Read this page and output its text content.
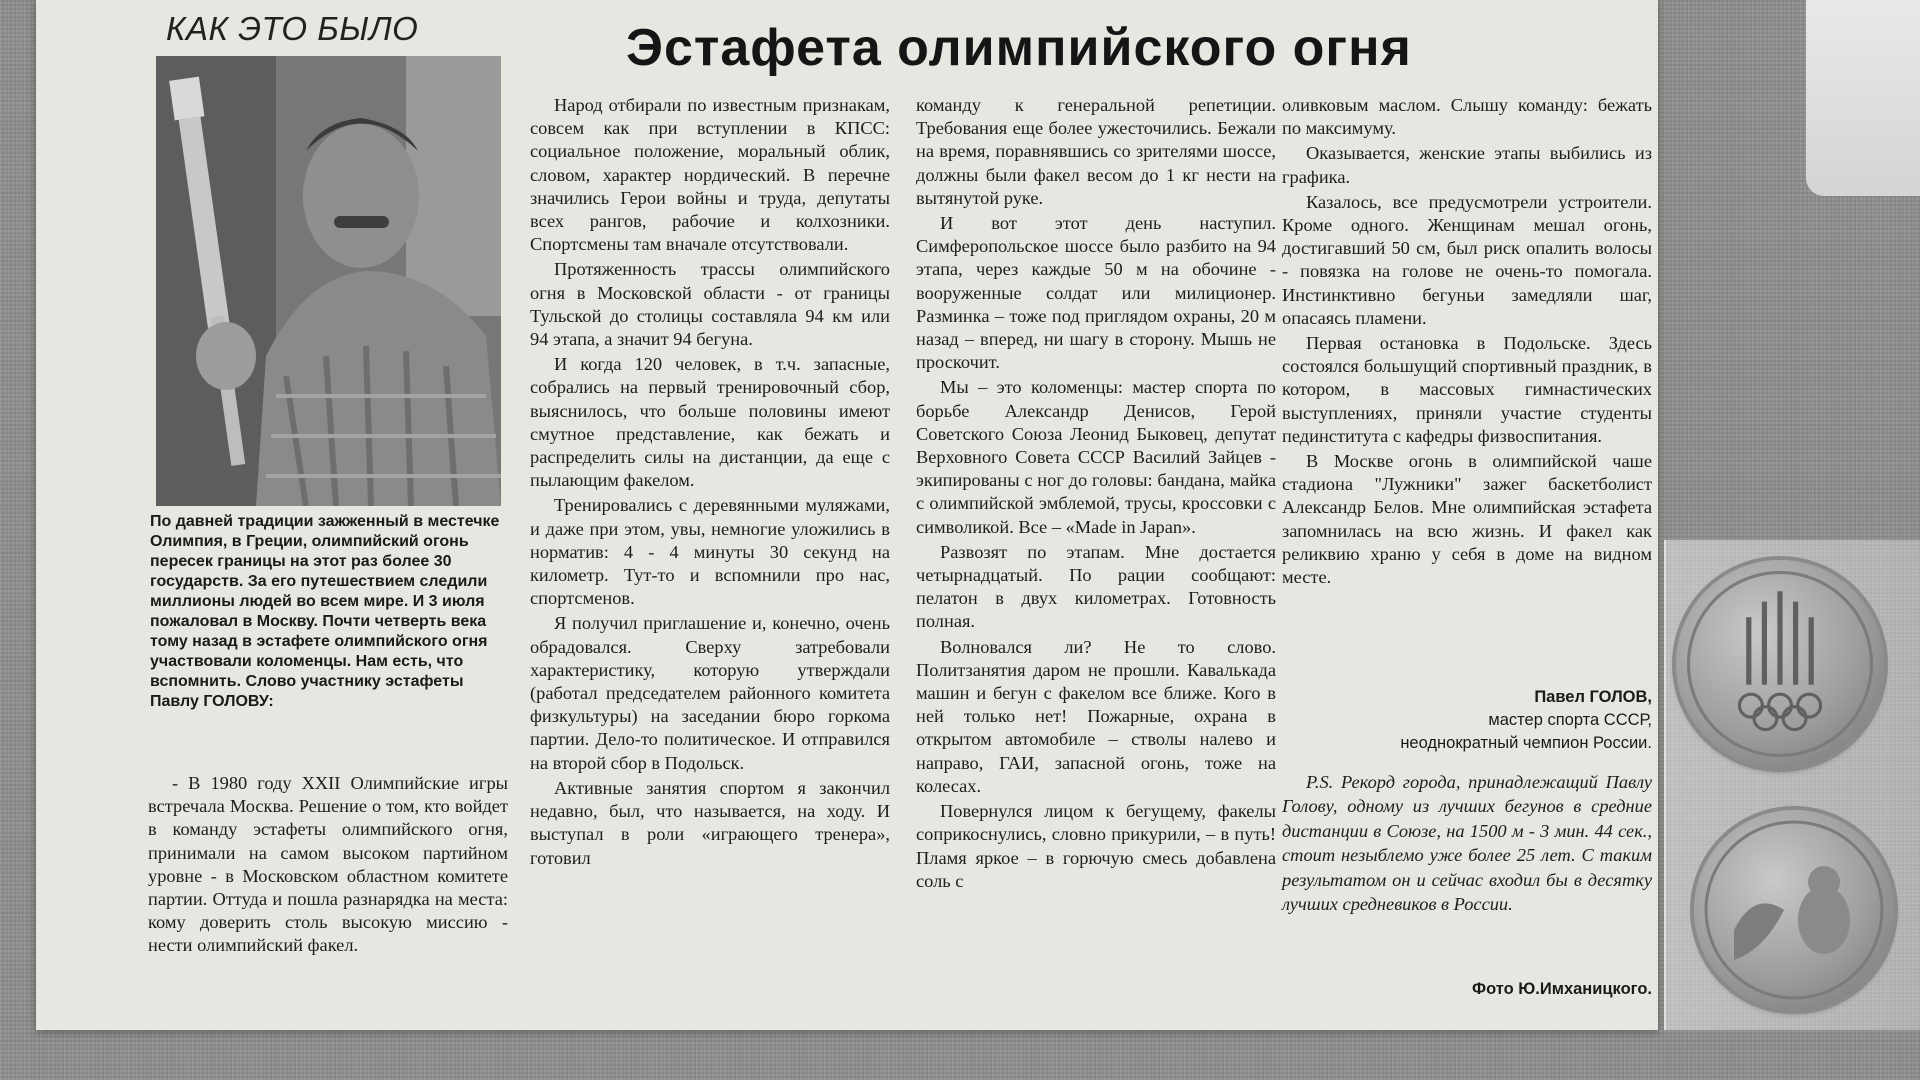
КАК ЭТО БЫЛО	Эстафета олимпийского огня
По давней традиции зажженный в местечке Олимпия, в Греции, олимпийский огонь пересек границы на этот раз более 30 государств. За его путешествием следили миллионы людей во всем мире. И 3 июля пожаловал в Москву. Почти четверть века тому назад в эстафете олимпийского огня участвовали коломенцы. Нам есть, что вспомнить. Слово участнику эстафеты Павлу ГОЛОВУ:

- В 1980 году XXII Олимпийские игры встречала Москва. Решение о том, кто войдет в команду эстафеты олимпийского огня, принимали на самом высоком партийном уровне - в Московском областном комитете партии. Оттуда и пошла разнарядка на места: кому доверить столь высокую миссию - нести олимпийский факел.

Народ отбирали по известным признакам, совсем как при вступлении в КПСС: социальное положение, моральный облик, словом, характер нордический. В перечне значились Герои войны и труда, депутаты всех рангов, рабочие и колхозники. Спортсмены там вначале отсутствовали.

Протяженность трассы олимпийского огня в Московской области - от границы Тульской до столицы составляла 94 км или 94 этапа, а значит 94 бегуна.

И когда 120 человек, в т.ч. запасные, собрались на первый тренировочный сбор, выяснилось, что больше половины имеют смутное представление, как бежать и распределить силы на дистанции, да еще с пылающим факелом.

Тренировались с деревянными муляжами, и даже при этом, увы, немногие уложились в норматив: 4 - 4 минуты 30 секунд на километр. Тут-то и вспомнили про нас, спортсменов.

Я получил приглашение и, конечно, очень обрадовался. Сверху затребовали характеристику, которую утверждали (работал председателем районного комитета физкультуры) на заседании бюро горкома партии. Дело-то политическое. И отправился на второй сбор в Подольск.

Активные занятия спортом я закончил недавно, был, что называется, на ходу. И выступал в роли «играющего тренера», готовил

команду к генеральной репетиции. Требования еще более ужесточились. Бежали на время, поравнявшись со зрителями шоссе, должны были факел весом до 1 кг нести на вытянутой руке.

И вот этот день наступил. Симферопольское шоссе было разбито на 94 этапа, через каждые 50 м на обочине - вооруженные солдат или милиционер. Разминка – тоже под приглядом охраны, 20 м назад – вперед, ни шагу в сторону. Мышь не проскочит.

Мы – это коломенцы: мастер спорта по борьбе Александр Денисов, Герой Советского Союза Леонид Быковец, депутат Верховного Совета СССР Василий Зайцев - экипированы с ног до головы: бандана, майка с олимпийской эмблемой, трусы, кроссовки с символикой. Все – «Made in Japan».

Развозят по этапам. Мне достается четырнадцатый. По рации сообщают: пелатон в двух километрах. Готовность полная.

Волновался ли? Не то слово. Политзанятия даром не прошли. Кавалькада машин и бегун с факелом все ближе. Кого в ней только нет! Пожарные, охрана в открытом автомобиле – стволы налево и направо, ГАИ, запасной огонь, тоже на колесах.

Повернулся лицом к бегущему, факелы соприкоснулись, словно прикурили, – в путь! Пламя яркое – в горючую смесь добавлена соль с

оливковым маслом. Слышу команду: бежать по максимуму.

Оказывается, женские этапы выбились из графика.

Казалось, все предусмотрели устроители. Кроме одного. Женщинам мешал огонь, достигавший 50 см, был риск опалить волосы - повязка на голове не очень-то помогала. Инстинктивно бегуньи замедляли шаг, опасаясь пламени.

Первая остановка в Подольске. Здесь состоялся большущий спортивный праздник, в котором, в массовых гимнастических выступлениях, приняли участие студенты пединститута с кафедры физвоспитания.

В Москве огонь в олимпийской чаше стадиона "Лужники" зажег баскетболист Александр Белов. Мне олимпийская эстафета запомнилась на всю жизнь. И факел как реликвию храню у себя в доме на видном месте.

Павел ГОЛОВ,
мастер спорта СССР,
неоднократный чемпион России.

P.S. Рекорд города, принадлежащий Павлу Голову, одному из лучших бегунов в средние дистанции в Союзе, на 1500 м - 3 мин. 44 сек., стоит незыблемо уже более 25 лет. С таким результатом он и сейчас входил бы в десятку лучших средневиков в России.

Фото Ю.Имханицкого.
